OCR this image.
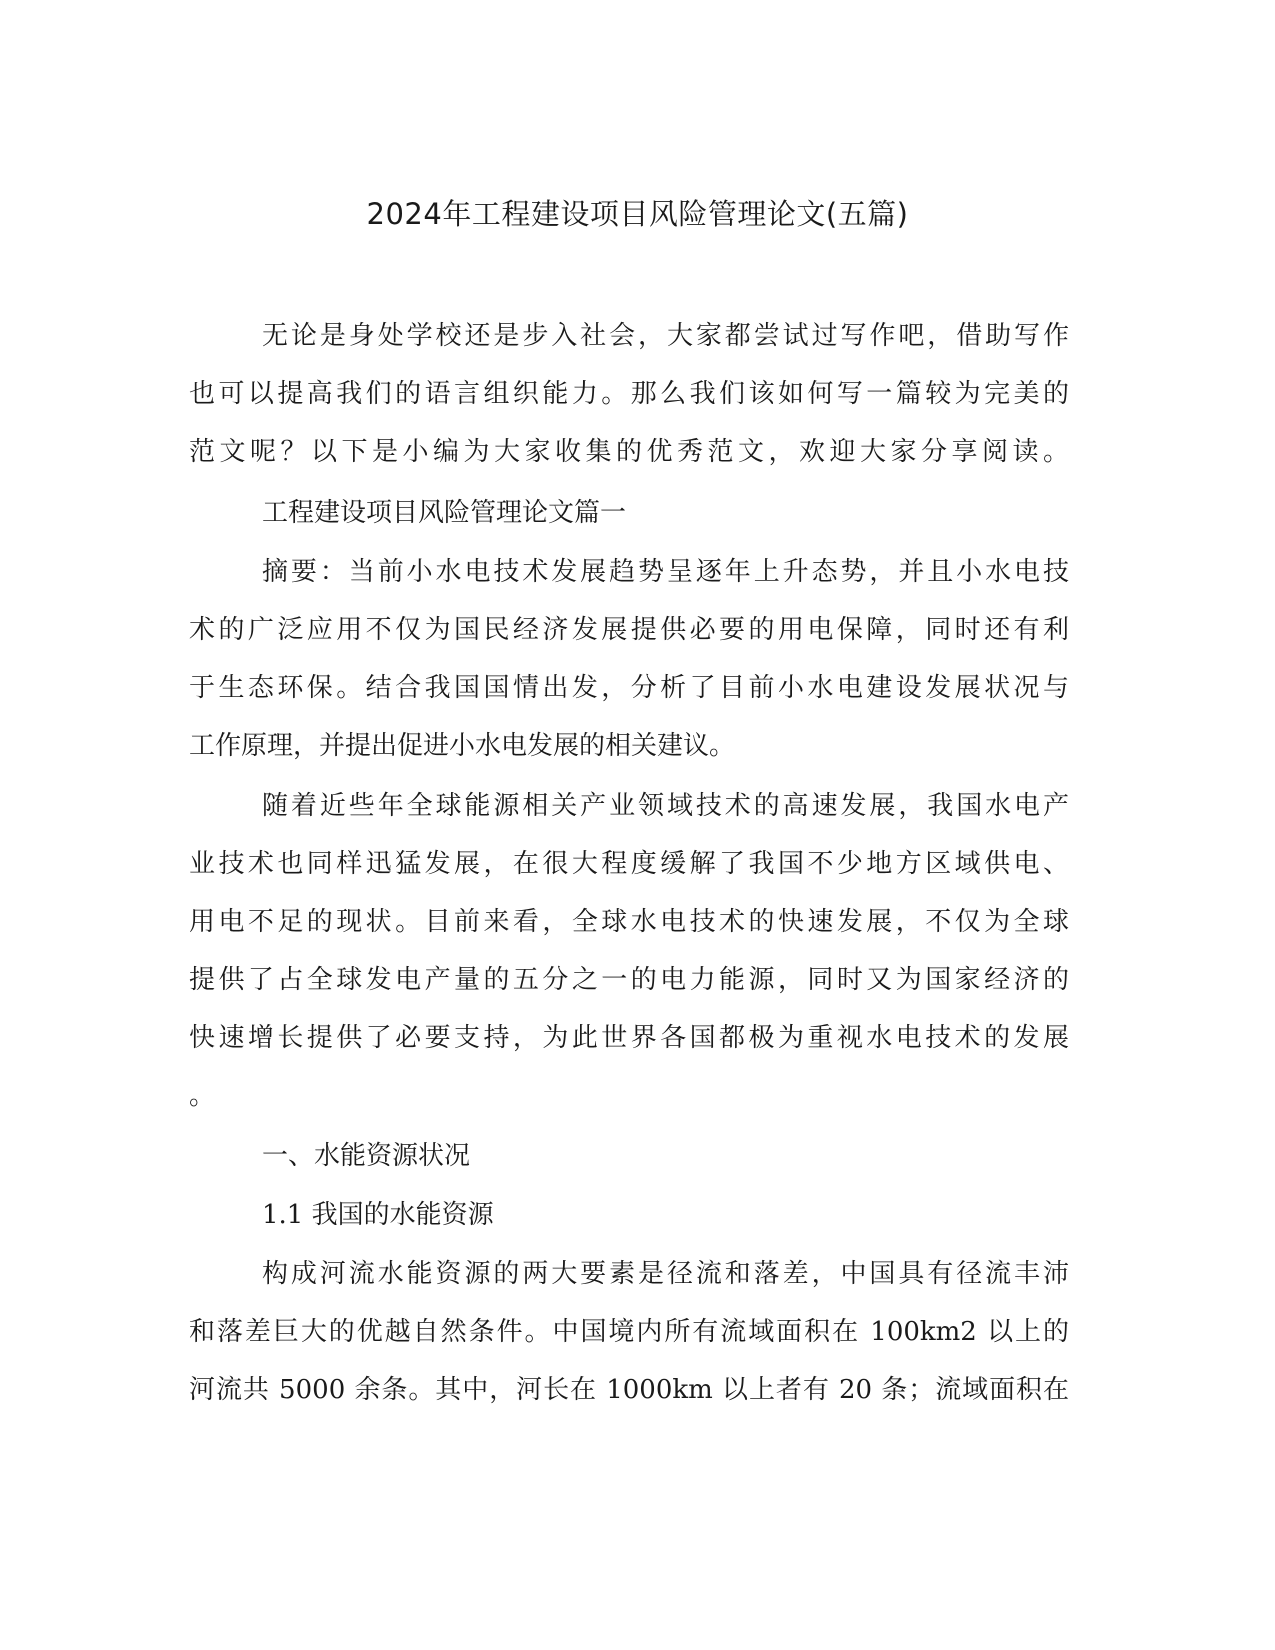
2024年工程建设项目风险管理论文(五篇)

无论是身处学校还是步入社会，大家都尝试过写作吧，借助写作

也可以提高我们的语言组织能力。那么我们该如何写一篇较为完美的

范文呢？以下是小编为大家收集的优秀范文，欢迎大家分享阅读。

工程建设项目风险管理论文篇一

摘要：当前小水电技术发展趋势呈逐年上升态势，并且小水电技

术的广泛应用不仅为国民经济发展提供必要的用电保障，同时还有利

于生态环保。结合我国国情出发，分析了目前小水电建设发展状况与

工作原理，并提出促进小水电发展的相关建议。

随着近些年全球能源相关产业领域技术的高速发展，我国水电产

业技术也同样迅猛发展，在很大程度缓解了我国不少地方区域供电、

用电不足的现状。目前来看，全球水电技术的快速发展，不仅为全球

提供了占全球发电产量的五分之一的电力能源，同时又为国家经济的

快速增长提供了必要支持，为此世界各国都极为重视水电技术的发展

。

一、水能资源状况

1.1 我国的水能资源

构成河流水能资源的两大要素是径流和落差，中国具有径流丰沛

和落差巨大的优越自然条件。中国境内所有流域面积在 100km2 以上的

河流共 5000 余条。其中，河长在 1000km 以上者有 20 条；流域面积在
